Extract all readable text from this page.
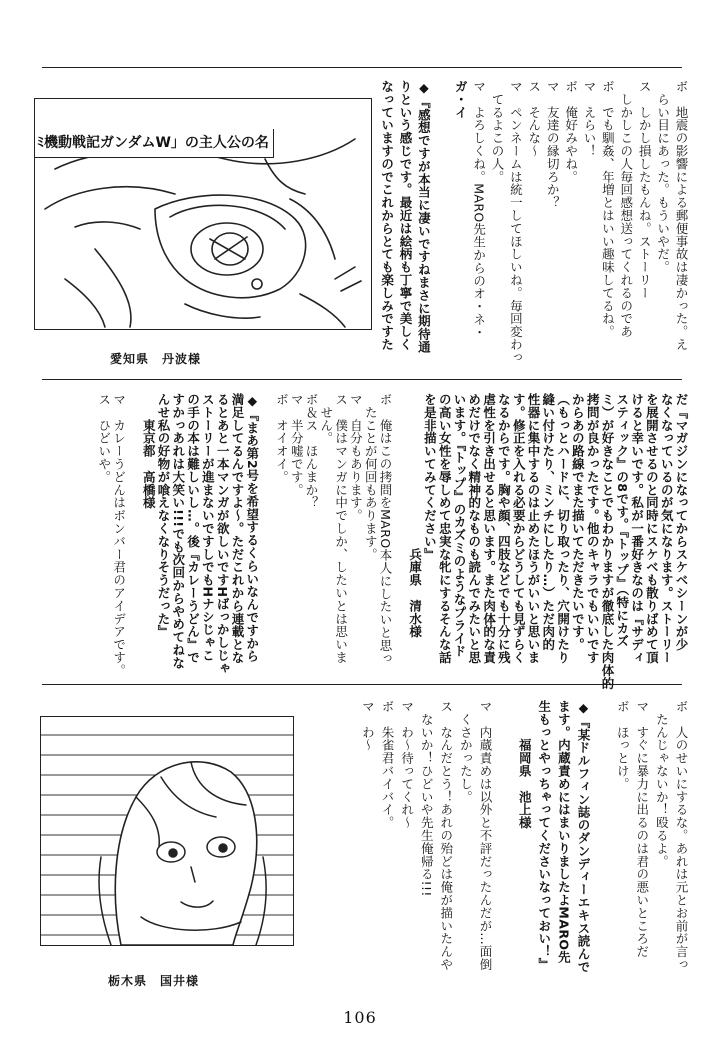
ﾐ機動戦記ガンダムW」の主人公の名
愛知県　丹波様
ボ　地震の影響による郵便事故は凄かった。え
　らい目にあった。もういやだ。
ス　しかし損したもんね。ストーリー
　しかしこの人毎回感想送ってくれるのであ
ボ　でも馴姦、年増とはいい趣味してるね。
マ　えらい！
ボ　俺好みやね。
マ　友達の縁切ろか？
ス　そんな〜
マ　ペンネームは統一してほしいね。毎回変わっ
　てるよこの人。
マ　よろしくね。MARO先生からのオ・ネ・
ガ・イ
◆『感想ですが本当に凄いですねまさに期待通
りという感じです。最近は絵柄も丁寧で美しく
なっていますのでこれからとても楽しみですた
だ『マガジンになってからスケベシーンが少
なくなっているのが気になります。ストーリー
を展開させるのと同時にスケベも散りばめて頂
けると幸いです。私が一番好きなのは『サディ
スティック』の8です。『トップ』（特にカズ
ミ）が好きなことでもわかりますが徹底した肉体的
拷問が良かったです。他のキャラでもいいです
からあの路線でまた描いてただきたいです。
（もっとハードに、切り取ったり、穴開けたり
縫い付けたり、ミンチにしたり…）ただ肉的
性器に集中するのは止めたほうがいいと思いま
す。修正を入れる必要からどうしても見ずらく
なるからです。胸や顔、四肢などでも十分に残
虐性を引き出せると思います。また肉体的な責
めだけでなく精神的なものも読んでみたいと思
います。『トップ』のカズミのようなプライド
の高い女性を辱しめて忠実な牝にするそんな話
を是非描いてみてください』
　　　　　　　　　　　　兵庫県　清水様
ボ　俺はこの拷問をMARO本人にしたいと思っ
　たことが何回もあります。
マ　自分もあります。
ス　僕はマンガに中でしか、したいとは思いま
　せん。
ボ＆ス　ほんまか？
マ　半分嘘です。
ボ　オイオイ。
◆『まあ第2号を希望するくらいなんですから
満足してるんですよ〜。ただこれから連載とな
るとあと一本マンガが欲しいですHばっかしじゃ
ストーリーが進まないですしでもHナシじゃこ
の手の本は難しいし…。後『カレーうどん』で
すかっあれは大笑い!!!でも次回からやめてねな
んせ私の好物が喰えなくなりそうだった』
　　東京都　高橋様
マ　カレーうどんはボンバー君のアイデアです。
ス　ひどいや。
栃木県　国井様
ボ　人のせいにするな。あれは元とお前が言っ
　たんじゃないか！殴るよ。
マ　すぐに暴力に出るのは君の悪いところだ
ボ　ほっとけ。
◆『某ドルフィン誌のダンディーエキス読んで
ます。内蔵責めにはまいりましたよMARO先
生もっとやっちゃってくださいなっておい！』
　　　福岡県　池上様
マ　内蔵責めは以外と不評だったんだが…面倒
　くさかったし。
ス　なんだとう！あれの殆どは俺が描いたんや
　ないか！ひどいや先生俺帰る!!!
マ　わ〜待ってくれ〜
ボ　朱雀君バイバイ。
マ　わ〜
106
